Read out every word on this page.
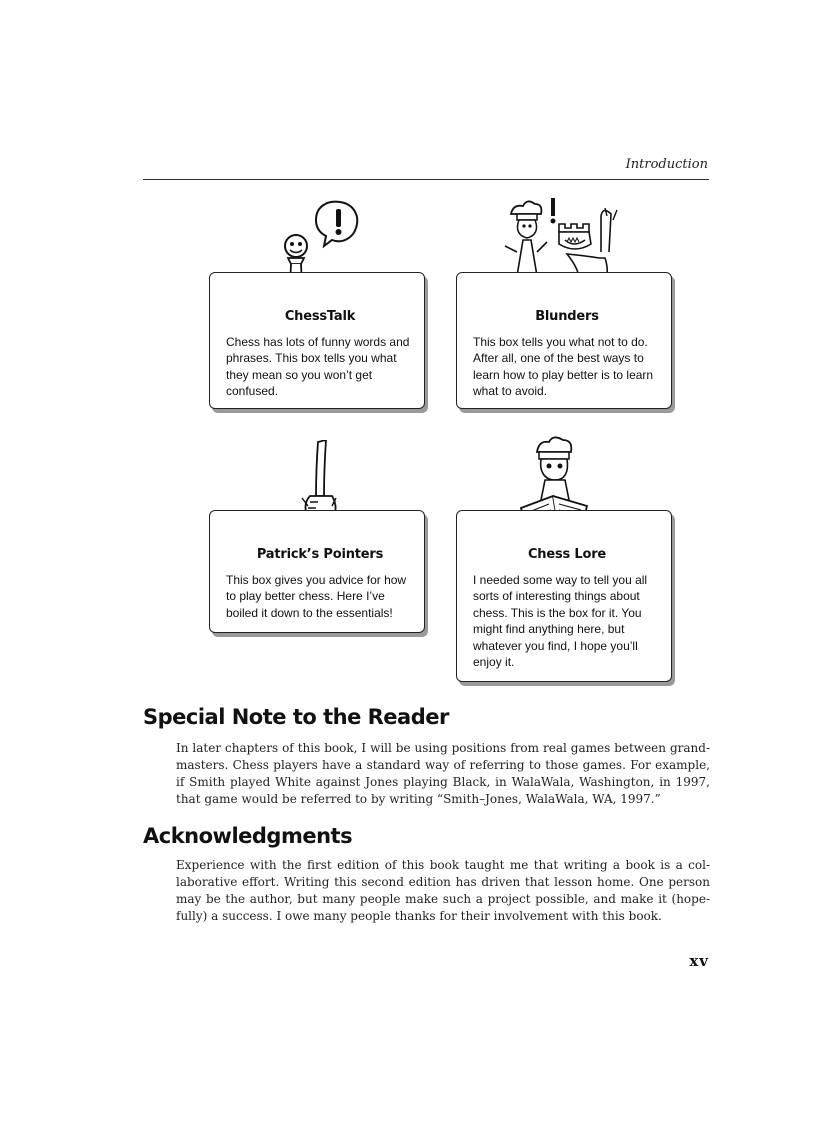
Introduction
ChessTalk

Chess has lots of funny words and phrases. This box tells you what they mean so you won’t get confused.

Blunders

This box tells you what not to do. After all, one of the best ways to learn how to play better is to learn what to avoid.

Patrick’s Pointers

This box gives you advice for how to play better chess. Here I’ve boiled it down to the essentials!

Chess Lore

I needed some way to tell you all sorts of interesting things about chess. This is the box for it. You might find anything here, but whatever you find, I hope you’ll enjoy it.

Special Note to the Reader

In later chapters of this book, I will be using positions from real games between grand-masters. Chess players have a standard way of referring to those games. For example, if Smith played White against Jones playing Black, in WalaWala, Washington, in 1997, that game would be referred to by writing “Smith–Jones, WalaWala, WA, 1997.”

Acknowledgments

Experience with the first edition of this book taught me that writing a book is a col-laborative effort. Writing this second edition has driven that lesson home. One person may be the author, but many people make such a project possible, and make it (hope-fully) a success. I owe many people thanks for their involvement with this book.

xv
